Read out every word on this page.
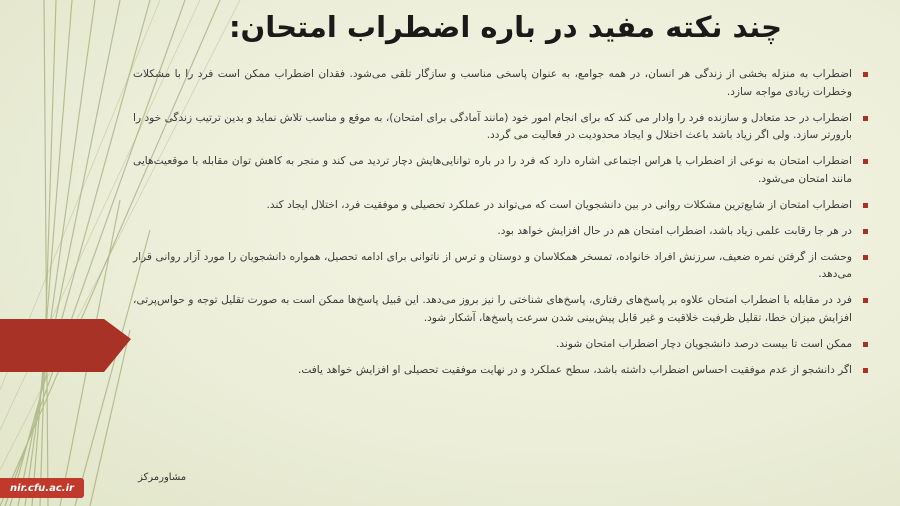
چند نکته مفید در باره اضطراب امتحان:
اضطراب به منزله بخشی از زندگی هر انسان، در همه جوامع، به عنوان پاسخی مناسب و سازگار تلقی می‌شود. فقدان اضطراب ممکن است فرد را با مشکلات وخطرات زیادی مواجه سازد.
اضطراب در حد متعادل و سازنده فرد را وادار می کند که برای انجام امور خود (مانند آمادگی برای امتحان)، به موقع و مناسب تلاش نماید و بدین ترتیب زندگی خود را بارورتر سازد. ولی اگر زیاد باشد باعث اختلال و ایجاد محدودیت در فعالیت می گردد.
اضطراب امتحان به نوعی از اضطراب یا هراس اجتماعی اشاره دارد که فرد را در باره توانایی‌هایش دچار تردید می کند و منجر به کاهش توان مقابله با موقعیت‌هایی مانند امتحان می‌شود.
اضطراب امتحان از شایع‌ترین مشکلات روانی در بین دانشجویان است که می‌تواند در عملکرد تحصیلی و موفقیت فرد، اختلال ایجاد کند.
در هر جا رقابت علمی زیاد باشد، اضطراب امتحان هم در حال افزایش خواهد بود.
وحشت از گرفتن نمره ضعیف، سرزنش افراد خانواده، تمسخر همکلاسان و دوستان و ترس از ناتوانی برای ادامه تحصیل، همواره دانشجویان را مورد آزار روانی قرار می‌دهد.
فرد در مقابله با اضطراب امتحان علاوه بر پاسخ‌های رفتاری، پاسخ‌های شناختی را نیز بروز می‌دهد. این قبیل پاسخ‌ها ممکن است به صورت تقلیل توجه و حواس‌پرتی، افزایش میزان خطا، تقلیل ظرفیت خلاقیت و غیر قابل پیش‌بینی شدن سرعت پاسخ‌ها، آشکار شود.
ممکن است تا بیست درصد دانشجویان دچار اضطراب امتحان شوند.
اگر دانشجو از عدم موفقیت احساس اضطراب داشته باشد، سطح عملکرد و در نهایت موفقیت تحصیلی او افزایش خواهد یافت.
مشاورمرکز
nir.cfu.ac.ir
